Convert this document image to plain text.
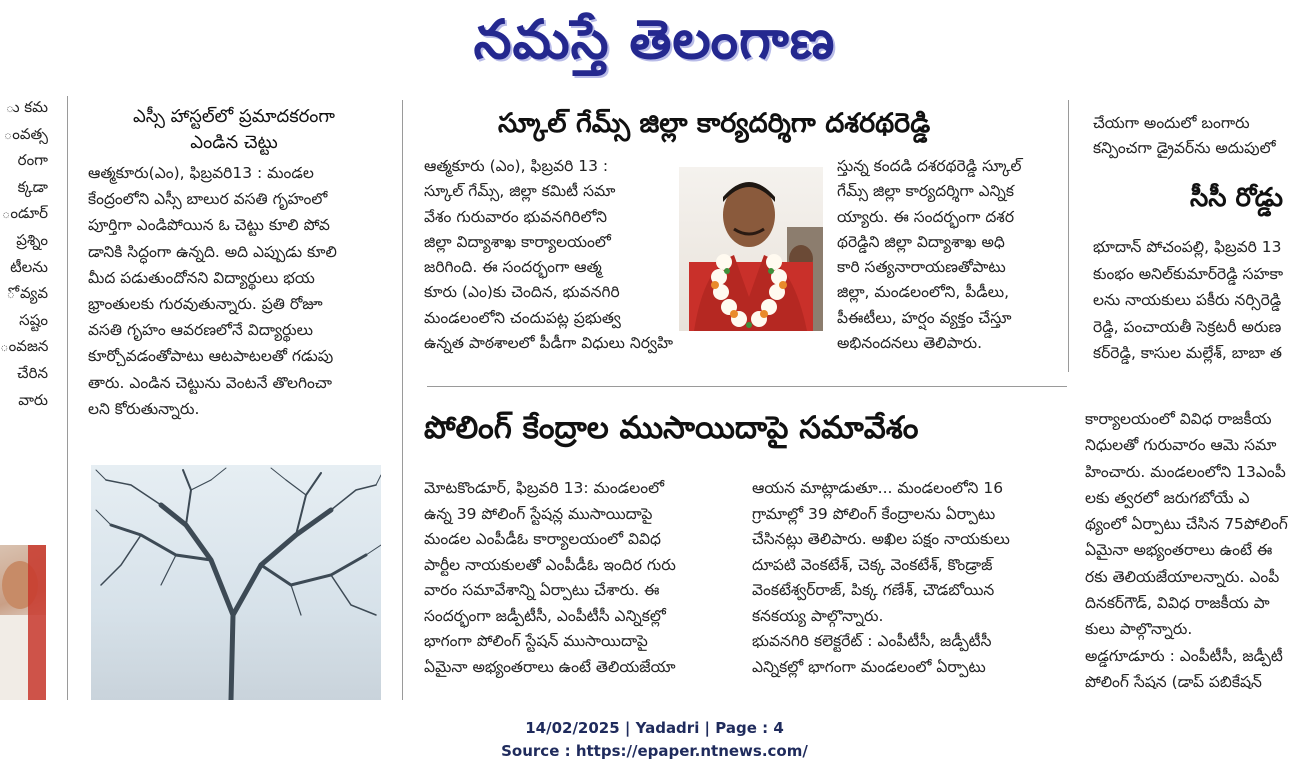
నమస్తే తెలంగాణ
ు కమ
ంవత్స
రంగా
క్కడా
ండూర్
ప్రశ్నిం
టీలను
ో వ్యవ
సష్టం
ంవజన
చేరిన
వారు
ఎస్సీ హాస్టల్‌లో ప్రమాదకరంగా
ఎండిన చెట్టు
ఆత్మకూరు(ఎం), ఫిబ్రవరి13 : మండల
కేంద్రంలోని ఎస్సీ బాలుర వసతి గృహంలో
పూర్తిగా ఎండిపోయిన ఓ చెట్టు కూలి పోవ
డానికి సిద్ధంగా ఉన్నది. అది ఎప్పుడు కూలి
మీద పడుతుందోనని విద్యార్థులు భయ
భ్రాంతులకు గురవుతున్నారు. ప్రతి రోజూ
వసతి గృహం ఆవరణలోనే విద్యార్థులు
కూర్చోవడంతోపాటు ఆటపాటలతో గడుపు
తారు. ఎండిన చెట్టును వెంటనే తొలగించా
లని కోరుతున్నారు.
స్కూల్ గేమ్స్ జిల్లా కార్యదర్శిగా దశరథరెడ్డి
ఆత్మకూరు (ఎం), ఫిబ్రవరి 13 :
స్కూల్ గేమ్స్, జిల్లా కమిటీ సమా
వేశం గురువారం భువనగిరిలోని
జిల్లా విద్యాశాఖ కార్యాలయంలో
జరిగింది. ఈ సందర్భంగా ఆత్మ
కూరు (ఎం)కు చెందిన, భువనగిరి
మండలంలోని చందుపట్ల ప్రభుత్వ
ఉన్నత పాఠశాలలో పీడీగా విధులు నిర్వహి
స్తున్న కందడి దశరథరెడ్డి స్కూల్
గేమ్స్ జిల్లా కార్యదర్శిగా ఎన్నిక
య్యారు. ఈ సందర్భంగా దశర
థరెడ్డిని జిల్లా విద్యాశాఖ అధి
కారి సత్యనారాయణతోపాటు
జిల్లా, మండలంలోని, పీడీలు,
పీఈటీలు, హర్షం వ్యక్తం చేస్తూ
అభినందనలు తెలిపారు.
చేయగా అందులో బంగారు
కన్పించగా డ్రైవర్‌ను అదుపులో
సీసీ రోడ్డు
భూదాన్ పోచంపల్లి, ఫిబ్రవరి 13
కుంభం అనిల్‌కుమార్‌రెడ్డి సహకా
లను నాయకులు పకీరు నర్సిరెడ్డి
రెడ్డి, పంచాయతీ సెక్రటరీ అరుణ
కర్‌రెడ్డి, కాసుల మల్లేశ్, బాబా త
పోలింగ్ కేంద్రాల ముసాయిదాపై సమావేశం
మోటకొండూర్, ఫిబ్రవరి 13: మండలంలో
ఉన్న 39 పోలింగ్ స్టేషన్ల ముసాయిదాపై
మండల ఎంపీడీఓ కార్యాలయంలో వివిధ
పార్టీల నాయకులతో ఎంపీడీఓ ఇందిర గురు
వారం సమావేశాన్ని ఏర్పాటు చేశారు. ఈ
సందర్భంగా జడ్పీటీసీ, ఎంపీటీసీ ఎన్నికల్లో
భాగంగా పోలింగ్ స్టేషన్ ముసాయిదాపై
ఏమైనా అభ్యంతరాలు ఉంటే తెలియజేయా
ఆయన మాట్లాడుతూ... మండలంలోని 16
గ్రామాల్లో 39 పోలింగ్ కేంద్రాలను ఏర్పాటు
చేసినట్లు తెలిపారు. అఖిల పక్షం నాయకులు
దూపటి వెంకటేశ్, చెక్క వెంకటేశ్, కొండ్రాజ్
వెంకటేశ్వర్‌రాజ్, పిక్క గణేశ్, చౌడబోయిన
కనకయ్య పాల్గొన్నారు.
భువనగిరి కలెక్టరేట్ : ఎంపీటీసీ, జడ్పీటీసీ
ఎన్నికల్లో భాగంగా మండలంలో ఏర్పాటు
కార్యాలయంలో వివిధ రాజకీయ
నిధులతో గురువారం ఆమె సమా
హించారు. మండలంలోని 13ఎంపీ
లకు త్వరలో జరుగబోయే ఎ
థ్యంలో ఏర్పాటు చేసిన 75పోలింగ్
ఏమైనా అభ్యంతరాలు ఉంటే ఈ
రకు తెలియజేయాలన్నారు. ఎంపీ
దినకర్‌గౌడ్, వివిధ రాజకీయ పా
కులు పాల్గొన్నారు.
అడ్డగూడూరు : ఎంపీటీసీ, జడ్పీటీ
పోలింగ్ సేషన (డాప్ పబికేషన్
14/02/2025 | Yadadri | Page : 4
Source : https://epaper.ntnews.com/
